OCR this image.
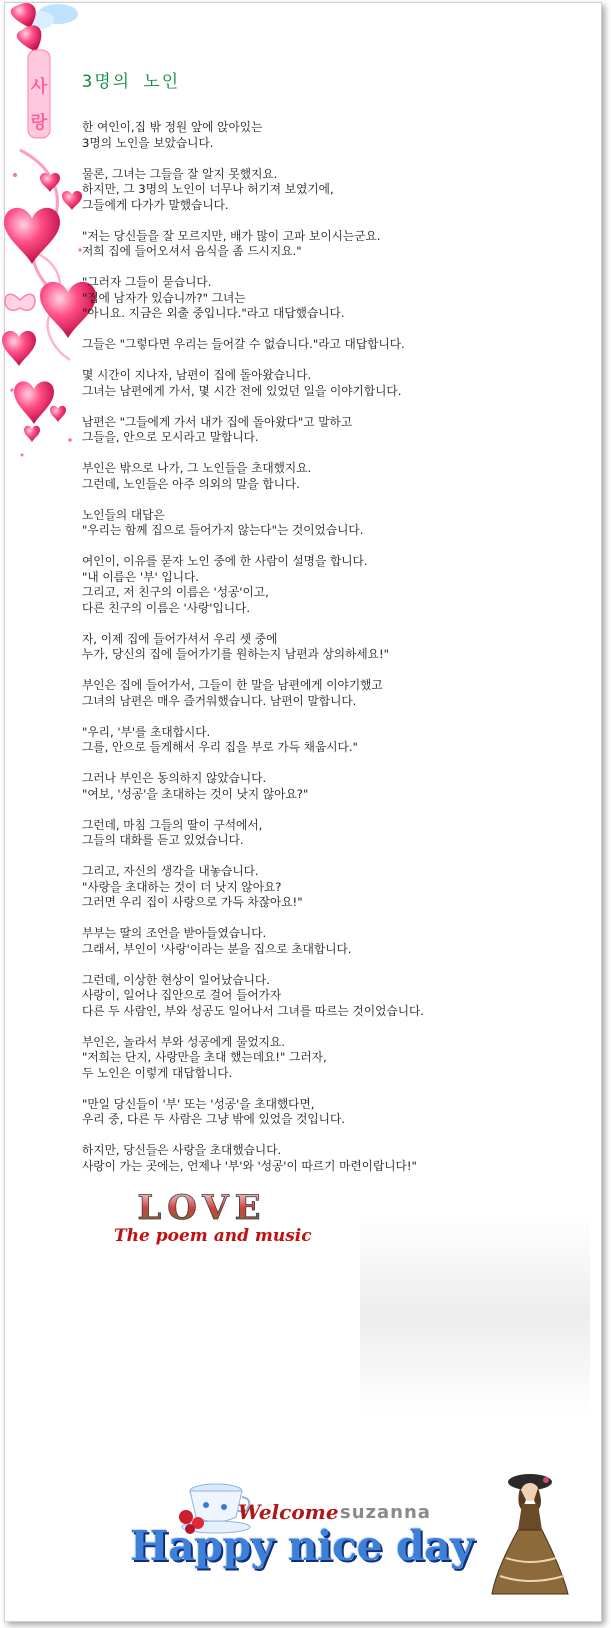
사
랑
3명의 노인

한 여인이,집 밖 정원 앞에 앉아있는
3명의 노인을 보았습니다.

물론, 그녀는 그들을 잘 알지 못했지요.
하지만, 그 3명의 노인이 너무나 허기져 보였기에,
그들에게 다가가 말했습니다.

"저는 당신들을 잘 모르지만, 배가 많이 고파 보이시는군요.
저희 집에 들어오셔서 음식을 좀 드시지요."

"그러자 그들이 묻습니다.
"집에 남자가 있습니까?" 그녀는
"아니요. 지금은 외출 중입니다."라고 대답했습니다.

그들은 "그렇다면 우리는 들어갈 수 없습니다."라고 대답합니다.

몇 시간이 지나자, 남편이 집에 돌아왔습니다.
그녀는 남편에게 가서, 몇 시간 전에 있었던 일을 이야기합니다.

남편은 "그들에게 가서 내가 집에 돌아왔다"고 말하고
그들을, 안으로 모시라고 말합니다.

부인은 밖으로 나가, 그 노인들을 초대했지요.
그런데, 노인들은 아주 의외의 말을 합니다.

노인들의 대답은
"우리는 함께 집으로 들어가지 않는다"는 것이었습니다.

여인이, 이유를 묻자 노인 중에 한 사람이 설명을 합니다.
"내 이름은 '부' 입니다.
그리고, 저 친구의 이름은 '성공'이고,
다른 친구의 이름은 '사랑'입니다.

자, 이제 집에 들어가셔서 우리 셋 중에
누가, 당신의 집에 들어가기를 원하는지 남편과 상의하세요!"

부인은 집에 들어가서, 그들이 한 말을 남편에게 이야기했고
그녀의 남편은 매우 즐거워했습니다. 남편이 말합니다.

"우리, '부'를 초대합시다.
그를, 안으로 들게해서 우리 집을 부로 가득 채웁시다."

그러나 부인은 동의하지 않았습니다.
"여보, '성공'을 초대하는 것이 낫지 않아요?"

그런데, 마침 그들의 딸이 구석에서,
그들의 대화를 듣고 있었습니다.

그리고, 자신의 생각을 내놓습니다.
"사랑을 초대하는 것이 더 낫지 않아요?
그러면 우리 집이 사랑으로 가득 차잖아요!"

부부는 딸의 조언을 받아들였습니다.
그래서, 부인이 '사랑'이라는 분을 집으로 초대합니다.

그런데, 이상한 현상이 일어났습니다.
사랑이, 일어나 집안으로 걸어 들어가자
다른 두 사람인, 부와 성공도 일어나서 그녀를 따르는 것이었습니다.

부인은, 놀라서 부와 성공에게 물었지요.
"저희는 단지, 사랑만을 초대 했는데요!" 그러자,
두 노인은 이렇게 대답합니다.

"만일 당신들이 '부' 또는 '성공'을 초대했다면,
우리 중, 다른 두 사람은 그냥 밖에 있었을 것입니다.

하지만, 당신들은 사랑을 초대했습니다.
사랑이 가는 곳에는, 언제나 '부'와 '성공'이 따르기 마련이랍니다!"

LOVE
The poem and music
Welcome suzanna
Happy nice day
